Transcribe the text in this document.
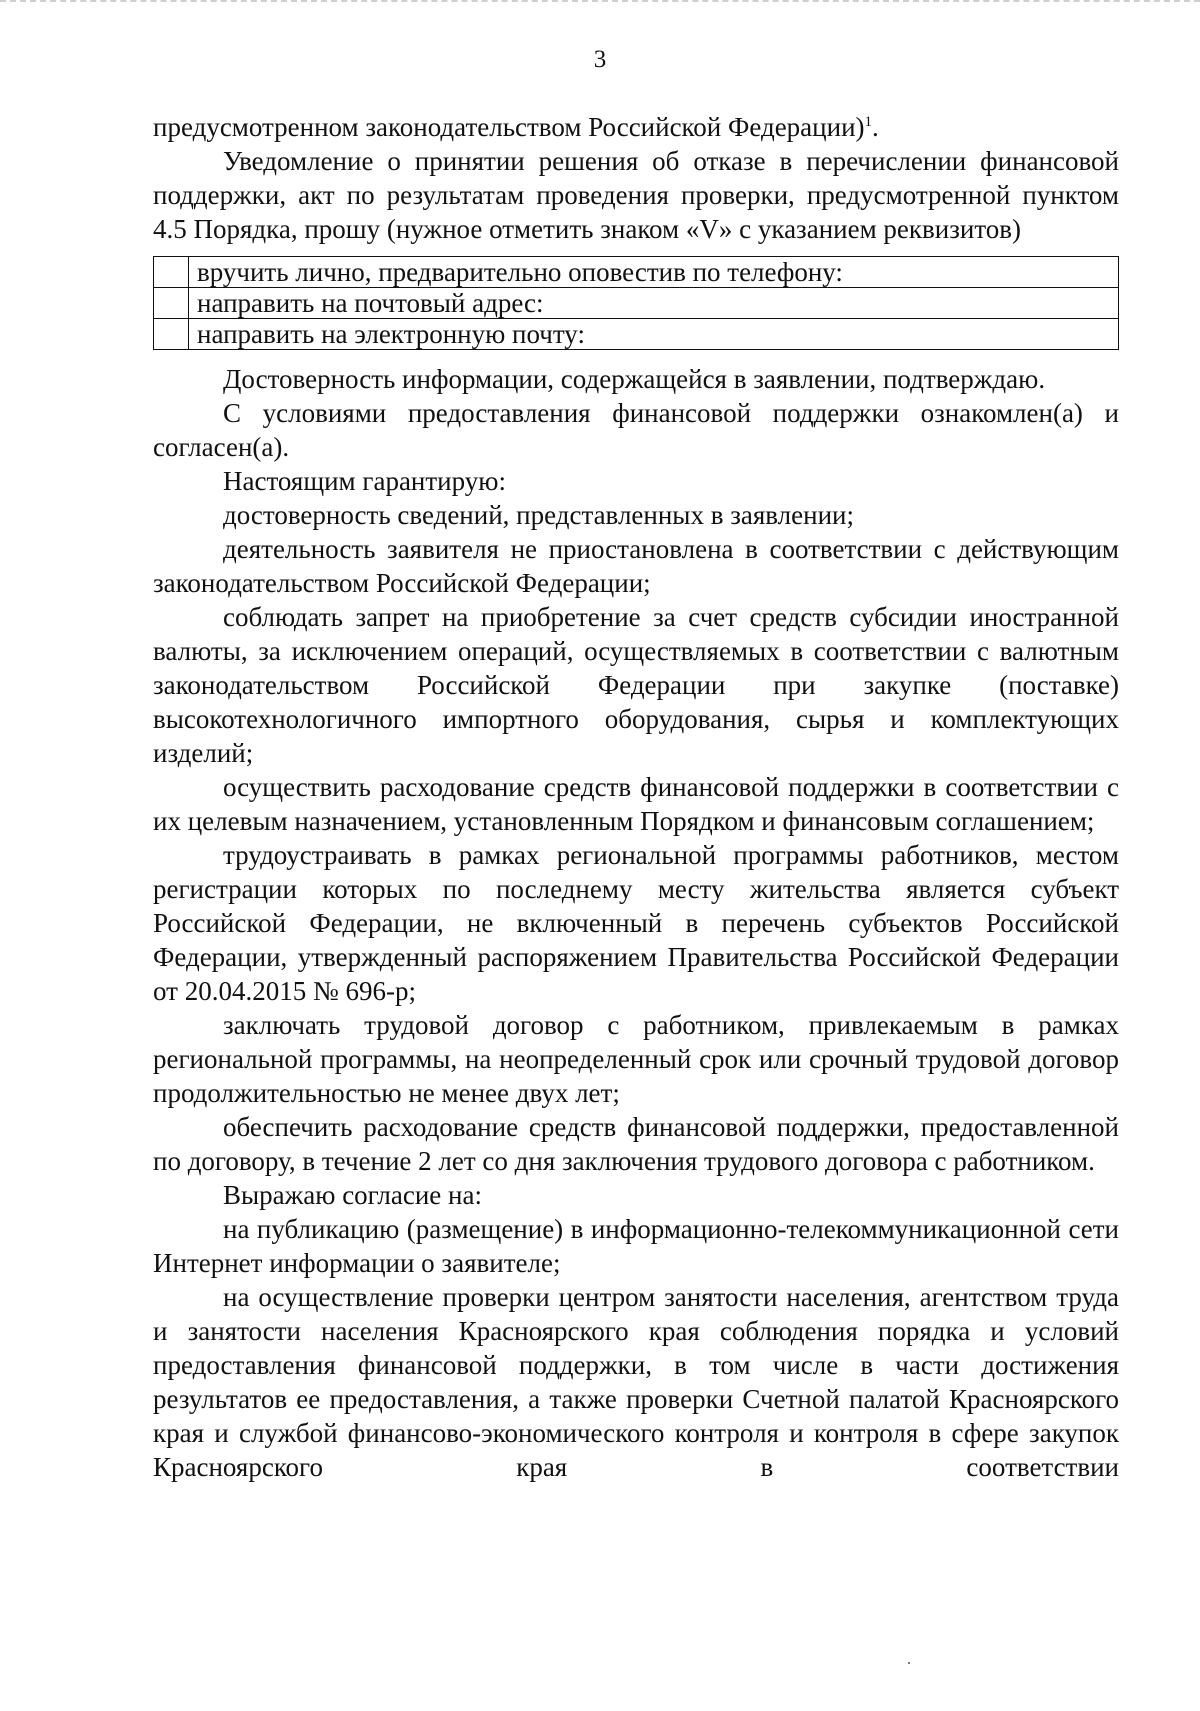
3

предусмотренном законодательством Российской Федерации)$^1$.

Уведомление о принятии решения об отказе в перечислении финансовой поддержки, акт по результатам проведения проверки, предусмотренной пунктом 4.5 Порядка, прошу (нужное отметить знаком «V» с указанием реквизитов)

	вручить лично, предварительно оповестив по телефону:
	направить на почтовый адрес:
	направить на электронную почту:

Достоверность информации, содержащейся в заявлении, подтверждаю.

С условиями предоставления финансовой поддержки ознакомлен(а) и согласен(а).

Настоящим гарантирую:

достоверность сведений, представленных в заявлении;

деятельность заявителя не приостановлена в соответствии с действующим законодательством Российской Федерации;

соблюдать запрет на приобретение за счет средств субсидии иностранной валюты, за исключением операций, осуществляемых в соответствии с валютным законодательством Российской Федерации при закупке (поставке) высокотехнологичного импортного оборудования, сырья и комплектующих изделий;

осуществить расходование средств финансовой поддержки в соответствии с их целевым назначением, установленным Порядком и финансовым соглашением;

трудоустраивать в рамках региональной программы работников, местом регистрации которых по последнему месту жительства является субъект Российской Федерации, не включенный в перечень субъектов Российской Федерации, утвержденный распоряжением Правительства Российской Федерации от 20.04.2015 № 696-р;

заключать трудовой договор с работником, привлекаемым в рамках региональной программы, на неопределенный срок или срочный трудовой договор продолжительностью не менее двух лет;

обеспечить расходование средств финансовой поддержки, предоставленной по договору, в течение 2 лет со дня заключения трудового договора с работником.

Выражаю согласие на:

на публикацию (размещение) в информационно-телекоммуникационной сети Интернет информации о заявителе;

на осуществление проверки центром занятости населения, агентством труда и занятости населения Красноярского края соблюдения порядка и условий предоставления финансовой поддержки, в том числе в части достижения результатов ее предоставления, а также проверки Счетной палатой Красноярского края и службой финансово-экономического контроля и контроля в сфере закупок Красноярского края в соответствии
